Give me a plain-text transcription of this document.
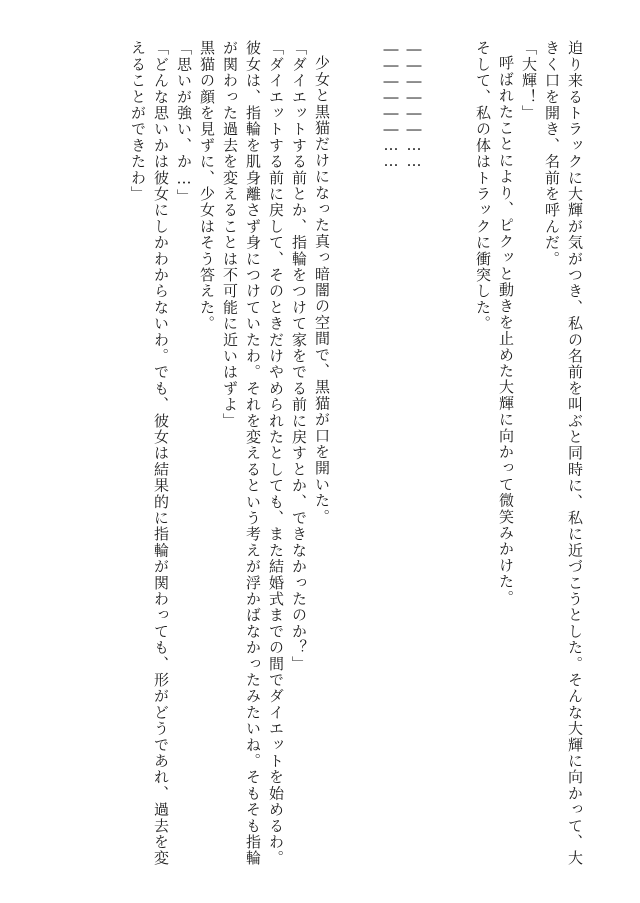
迫り来るトラックに大輝が気がつき、私の名前を叫ぶと同時に、私に近づこうとした。そんな大輝に向かって、大きく口を開き、名前を呼んだ。

「大輝！」

呼ばれたことにより、ピクッと動きを止めた大輝に向かって微笑みかけた。

そして、私の体はトラックに衝突した。

――――――……

――――――……

少女と黒猫だけになった真っ暗闇の空間で、黒猫が口を開いた。

「ダイエットする前とか、指輪をつけて家をでる前に戻すとか、できなかったのか？」

「ダイエットする前に戻して、そのときだけやめられたとしても、また結婚式までの間でダイエットを始めるわ。彼女は、指輪を肌身離さず身につけていたわ。それを変えるという考えが浮かばなかったみたいね。そもそも指輪が関わった過去を変えることは不可能に近いはずよ」

黒猫の顔を見ずに、少女はそう答えた。

「思いが強い、か…」

「どんな思いかは彼女にしかわからないわ。でも、彼女は結果的に指輪が関わっても、形がどうであれ、過去を変えることができたわ」
